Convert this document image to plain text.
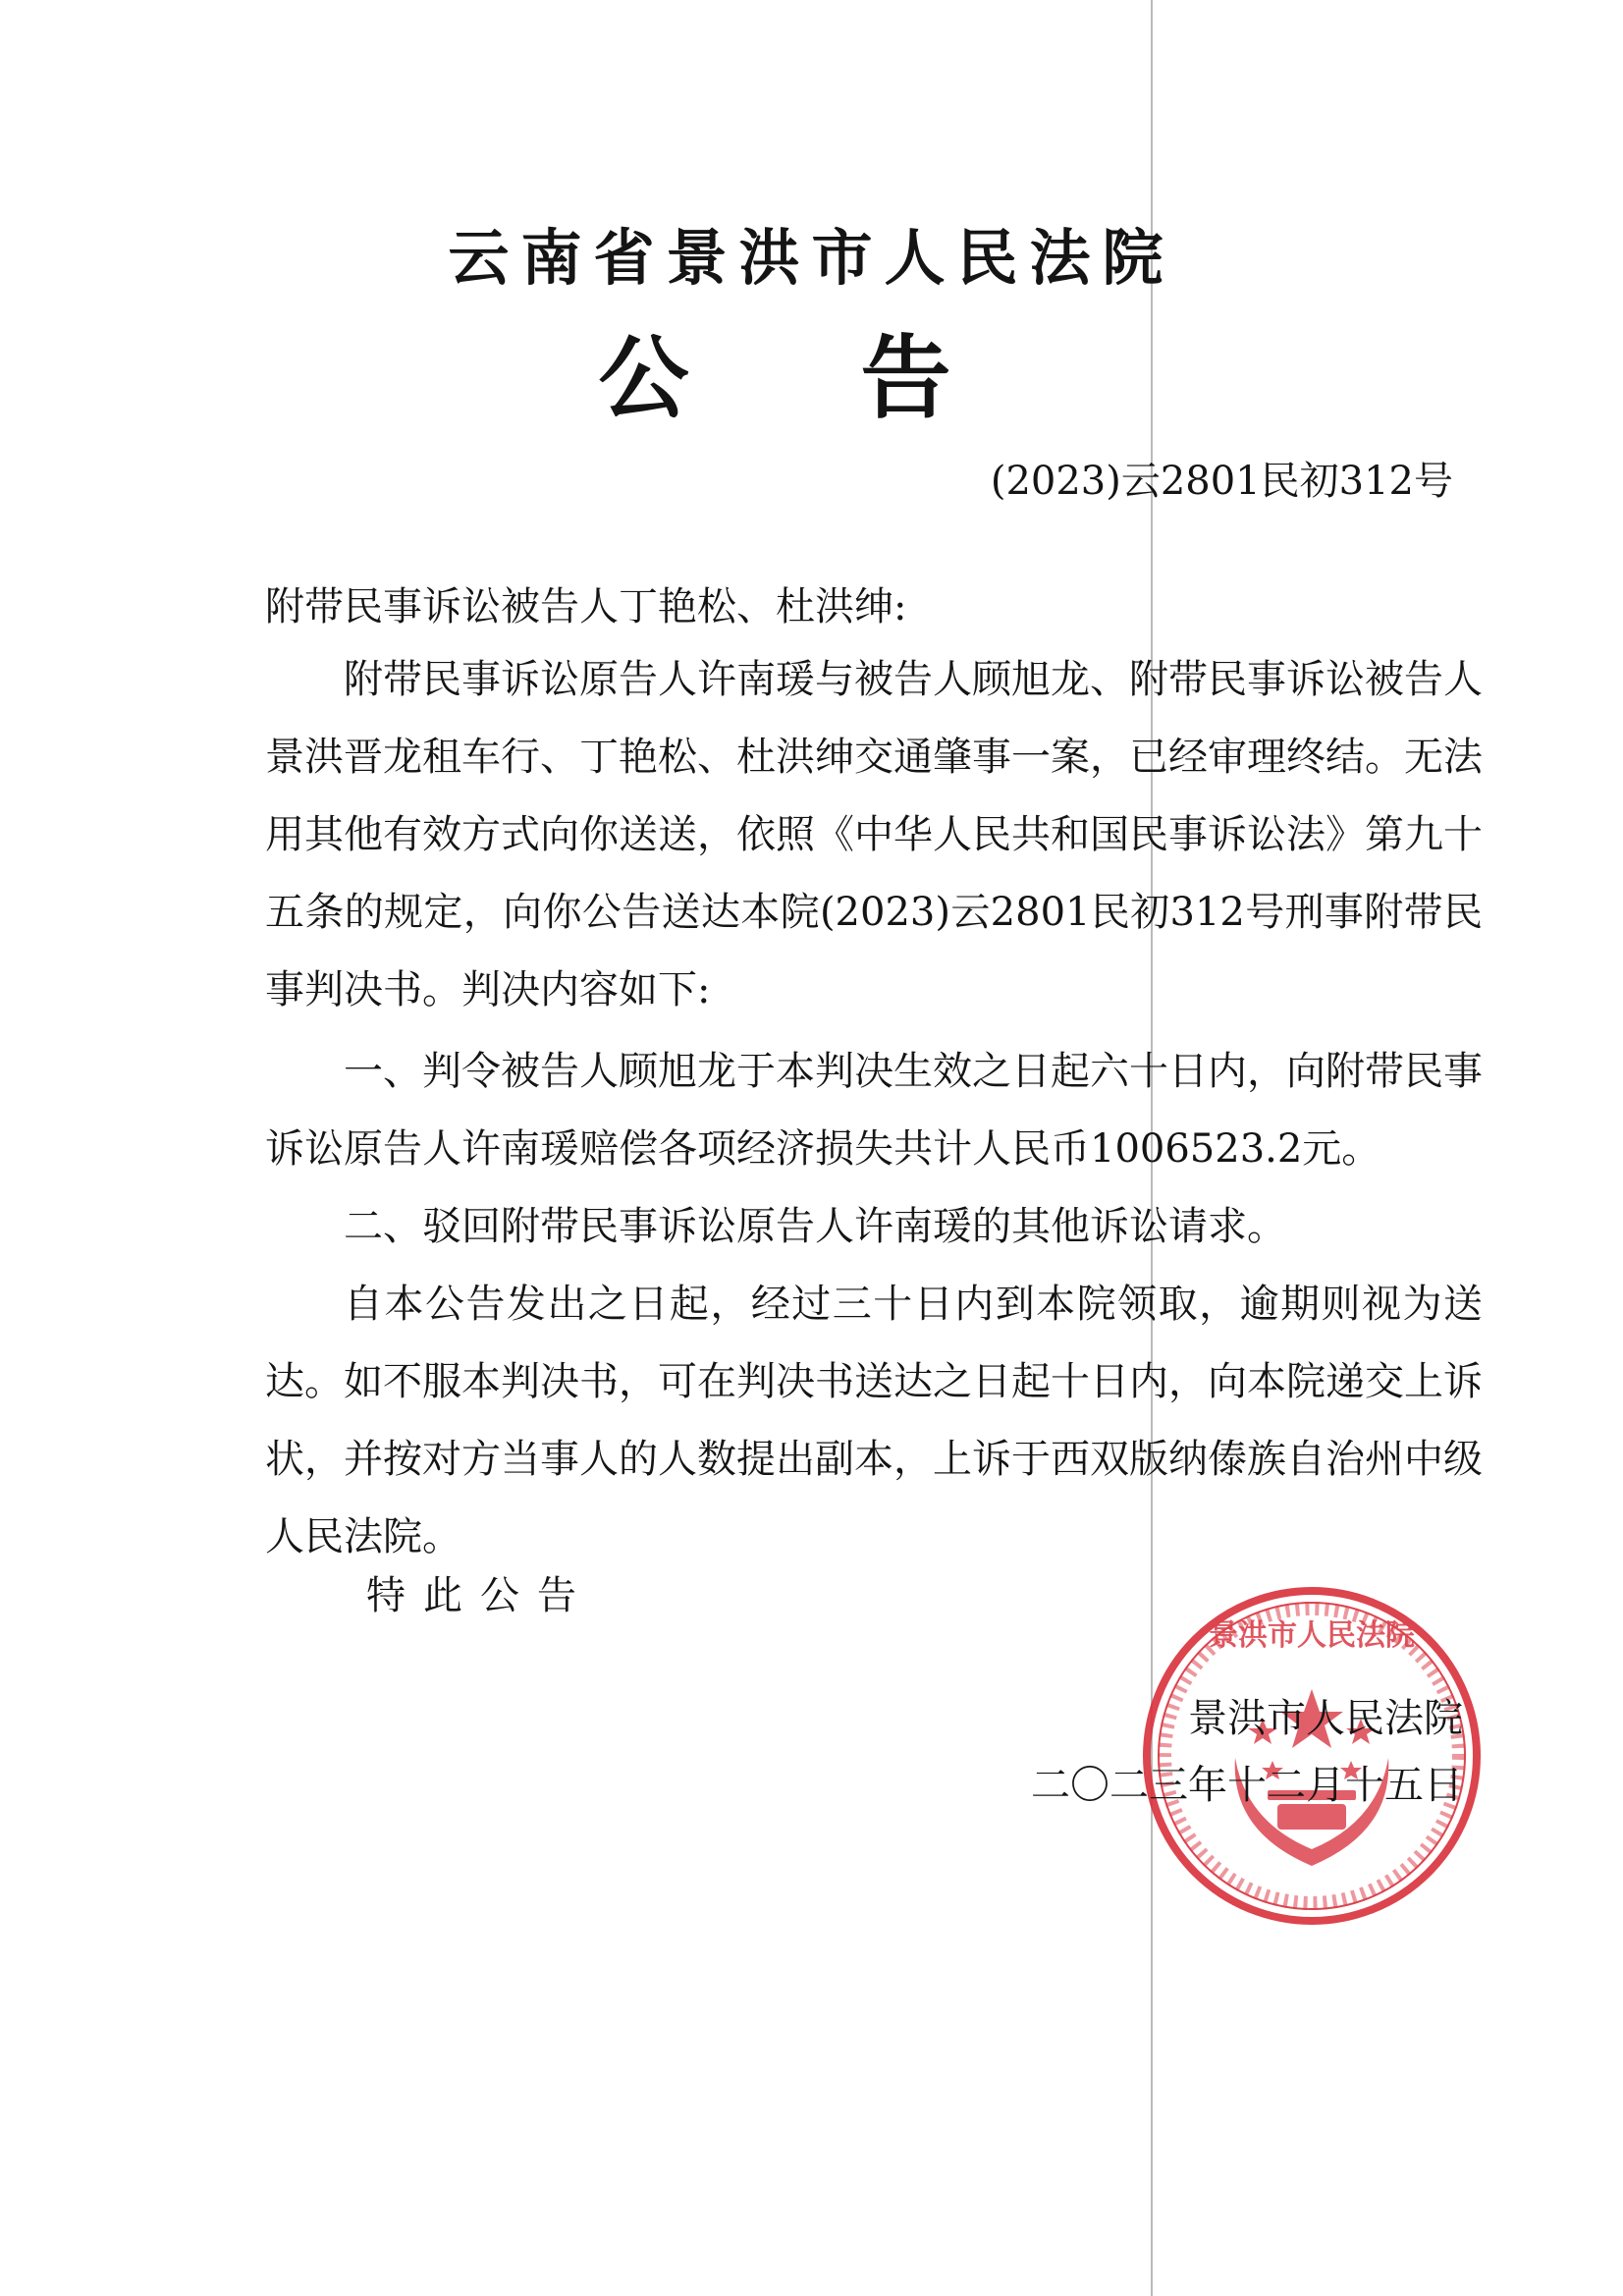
云南省景洪市人民法院
公告
(2023)云2801民初312号
附带民事诉讼被告人丁艳松、杜洪绅:

附带民事诉讼原告人许南瑗与被告人顾旭龙、附带民事诉讼被告人景洪晋龙租车行、丁艳松、杜洪绅交通肇事一案，已经审理终结。无法用其他有效方式向你送送，依照《中华人民共和国民事诉讼法》第九十五条的规定，向你公告送达本院(2023)云2801民初312号刑事附带民事判决书。判决内容如下:

一、判令被告人顾旭龙于本判决生效之日起六十日内，向附带民事诉讼原告人许南瑗赔偿各项经济损失共计人民币1006523.2元。

二、驳回附带民事诉讼原告人许南瑗的其他诉讼请求。

自本公告发出之日起，经过三十日内到本院领取，逾期则视为送达。如不服本判决书，可在判决书送达之日起十日内，向本院递交上诉状，并按对方当事人的人数提出副本，上诉于西双版纳傣族自治州中级人民法院。

特此公告
景洪市人民法院
景洪市人民法院
二〇二三年十二月十五日
